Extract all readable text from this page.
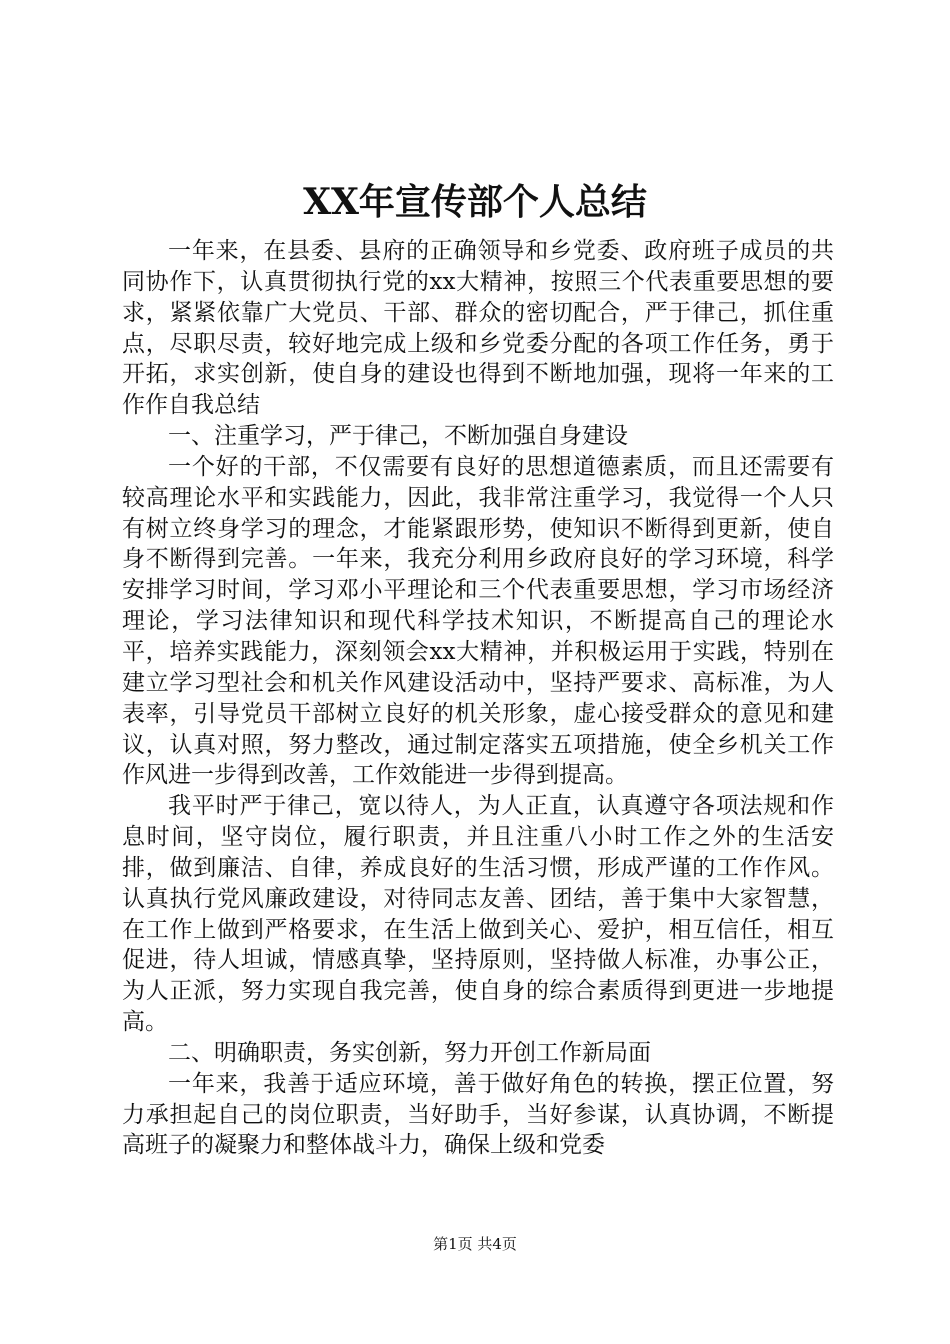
XX年宣传部个人总结

一年来，在县委、县府的正确领导和乡党委、政府班子成员的共同协作下，认真贯彻执行党的xx大精神，按照三个代表重要思想的要求，紧紧依靠广大党员、干部、群众的密切配合，严于律己，抓住重点，尽职尽责，较好地完成上级和乡党委分配的各项工作任务，勇于开拓，求实创新，使自身的建设也得到不断地加强，现将一年来的工作作自我总结

一、注重学习，严于律己，不断加强自身建设

一个好的干部，不仅需要有良好的思想道德素质，而且还需要有较高理论水平和实践能力，因此，我非常注重学习，我觉得一个人只有树立终身学习的理念，才能紧跟形势，使知识不断得到更新，使自身不断得到完善。一年来，我充分利用乡政府良好的学习环境，科学安排学习时间，学习邓小平理论和三个代表重要思想，学习市场经济理论，学习法律知识和现代科学技术知识，不断提高自己的理论水平，培养实践能力，深刻领会xx大精神，并积极运用于实践，特别在建立学习型社会和机关作风建设活动中，坚持严要求、高标准，为人表率，引导党员干部树立良好的机关形象，虚心接受群众的意见和建议，认真对照，努力整改，通过制定落实五项措施，使全乡机关工作作风进一步得到改善，工作效能进一步得到提高。

我平时严于律己，宽以待人，为人正直，认真遵守各项法规和作息时间，坚守岗位，履行职责，并且注重八小时工作之外的生活安排，做到廉洁、自律，养成良好的生活习惯，形成严谨的工作作风。认真执行党风廉政建设，对待同志友善、团结，善于集中大家智慧，在工作上做到严格要求，在生活上做到关心、爱护，相互信任，相互促进，待人坦诚，情感真挚，坚持原则，坚持做人标准，办事公正，为人正派，努力实现自我完善，使自身的综合素质得到更进一步地提高。

二、明确职责，务实创新，努力开创工作新局面

一年来，我善于适应环境，善于做好角色的转换，摆正位置，努力承担起自己的岗位职责，当好助手，当好参谋，认真协调，不断提高班子的凝聚力和整体战斗力，确保上级和党委

第1页 共4页
